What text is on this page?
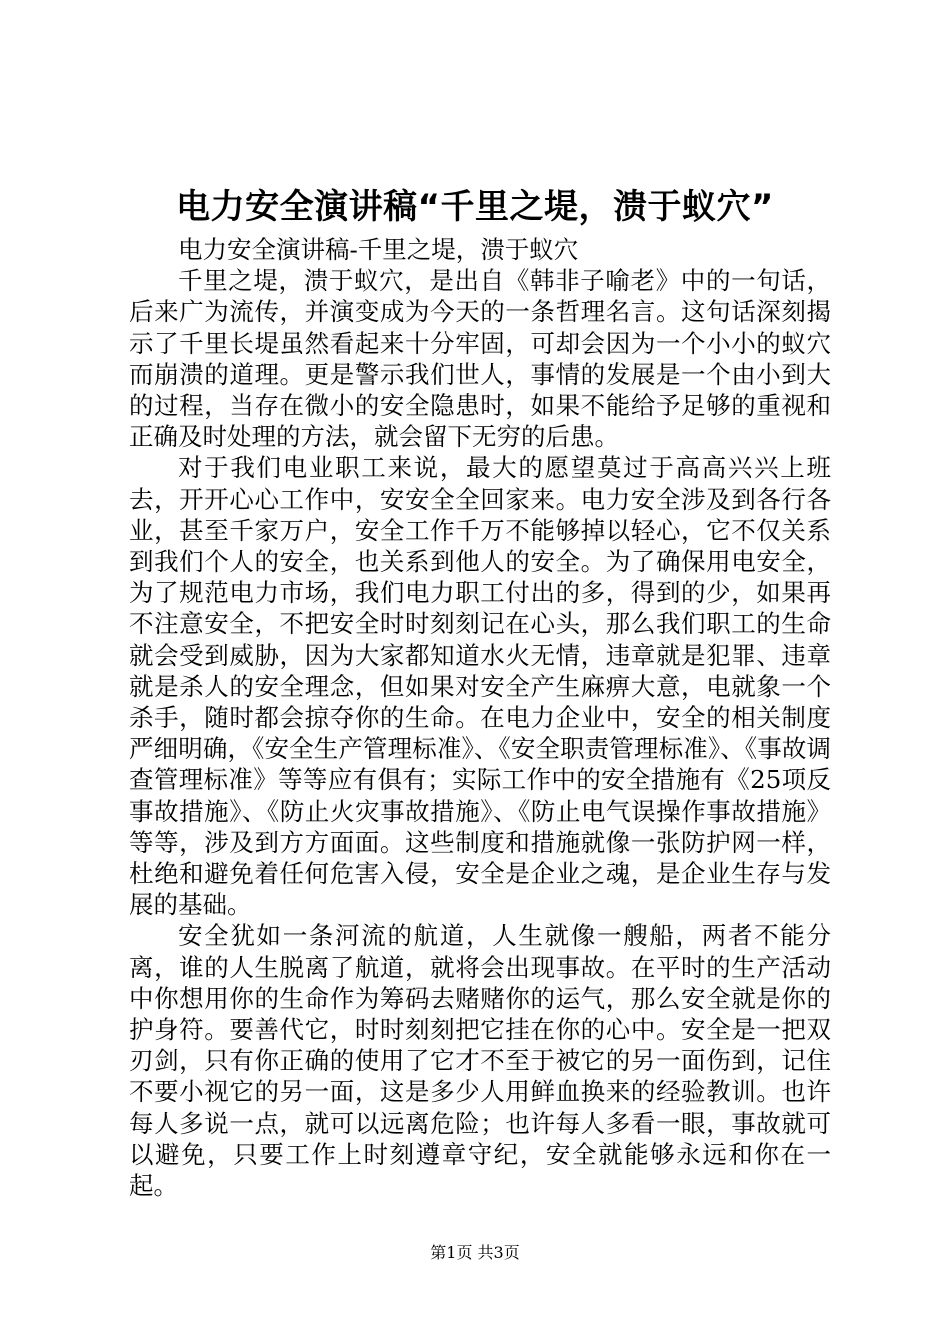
电力安全演讲稿“千里之堤，溃于蚁穴”

电力安全演讲稿-千里之堤，溃于蚁穴

千里之堤，溃于蚁穴，是出自《韩非子喻老》中的一句话，后来广为流传，并演变成为今天的一条哲理名言。这句话深刻揭示了千里长堤虽然看起来十分牢固，可却会因为一个小小的蚁穴而崩溃的道理。更是警示我们世人，事情的发展是一个由小到大的过程，当存在微小的安全隐患时，如果不能给予足够的重视和正确及时处理的方法，就会留下无穷的后患。

对于我们电业职工来说，最大的愿望莫过于高高兴兴上班去，开开心心工作中，安安全全回家来。电力安全涉及到各行各业，甚至千家万户，安全工作千万不能够掉以轻心，它不仅关系到我们个人的安全，也关系到他人的安全。为了确保用电安全，为了规范电力市场，我们电力职工付出的多，得到的少，如果再不注意安全，不把安全时时刻刻记在心头，那么我们职工的生命就会受到威胁，因为大家都知道水火无情，违章就是犯罪、违章就是杀人的安全理念，但如果对安全产生麻痹大意，电就象一个杀手，随时都会掠夺你的生命。在电力企业中，安全的相关制度严细明确，《安全生产管理标准》、《安全职责管理标准》、《事故调查管理标准》等等应有俱有；实际工作中的安全措施有《25项反事故措施》、《防止火灾事故措施》、《防止电气误操作事故措施》等等，涉及到方方面面。这些制度和措施就像一张防护网一样，杜绝和避免着任何危害入侵，安全是企业之魂，是企业生存与发展的基础。

安全犹如一条河流的航道，人生就像一艘船，两者不能分离，谁的人生脱离了航道，就将会出现事故。在平时的生产活动中你想用你的生命作为筹码去赌赌你的运气，那么安全就是你的护身符。要善代它，时时刻刻把它挂在你的心中。安全是一把双刃剑，只有你正确的使用了它才不至于被它的另一面伤到，记住不要小视它的另一面，这是多少人用鲜血换来的经验教训。也许每人多说一点，就可以远离危险；也许每人多看一眼，事故就可以避免，只要工作上时刻遵章守纪，安全就能够永远和你在一起。

第1页 共3页
